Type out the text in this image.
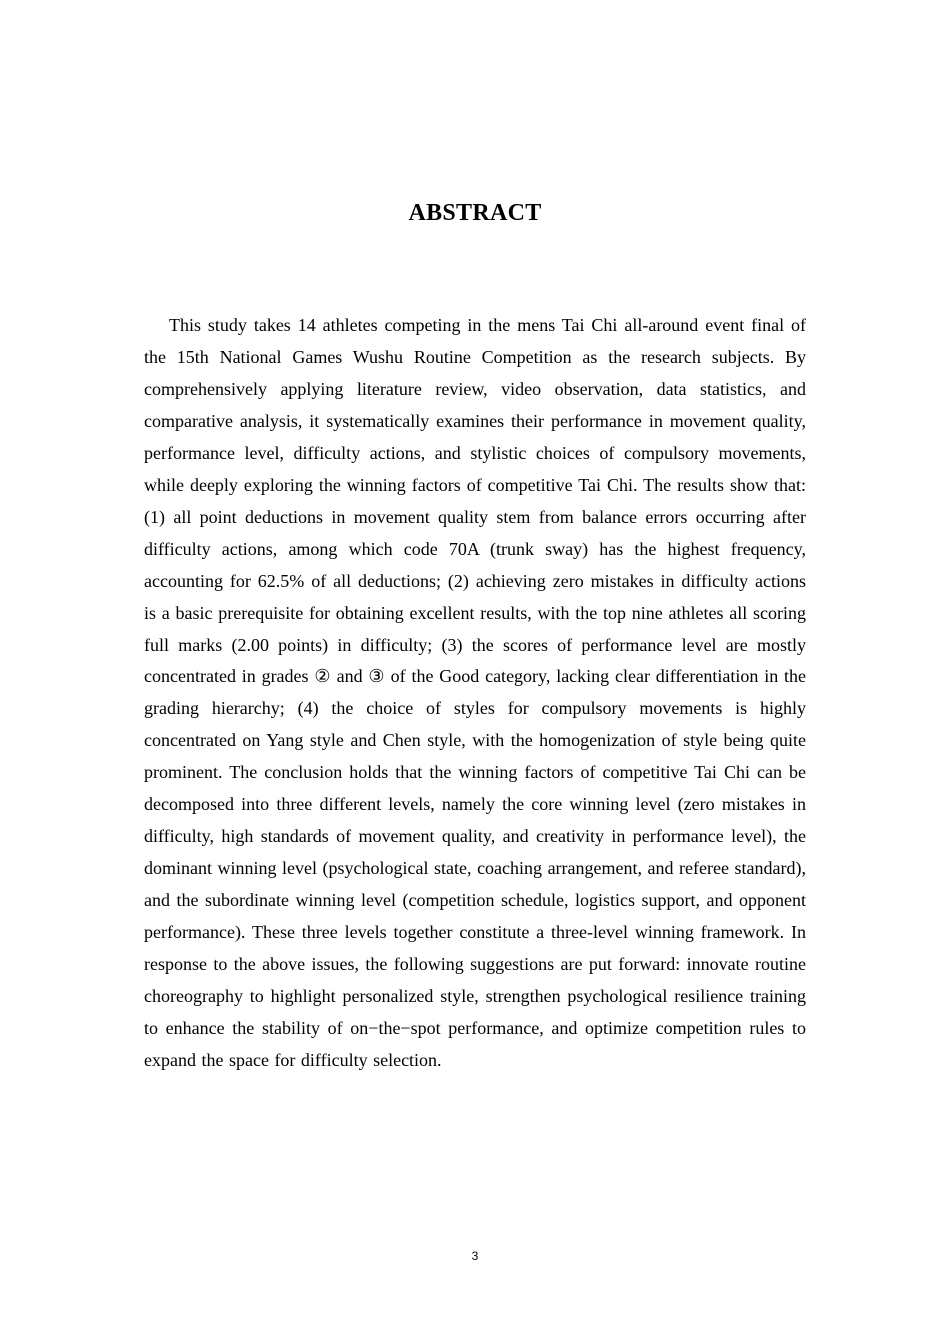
ABSTRACT

This study takes 14 athletes competing in the mens Tai Chi all-around event final of the 15th National Games Wushu Routine Competition as the research subjects. By comprehensively applying literature review, video observation, data statistics, and comparative analysis, it systematically examines their performance in movement quality, performance level, difficulty actions, and stylistic choices of compulsory movements, while deeply exploring the winning factors of competitive Tai Chi. The results show that: (1) all point deductions in movement quality stem from balance errors occurring after difficulty actions, among which code 70A (trunk sway) has the highest frequency, accounting for 62.5% of all deductions; (2) achieving zero mistakes in difficulty actions is a basic prerequisite for obtaining excellent results, with the top nine athletes all scoring full marks (2.00 points) in difficulty; (3) the scores of performance level are mostly concentrated in grades ② and ③ of the Good category, lacking clear differentiation in the grading hierarchy; (4) the choice of styles for compulsory movements is highly concentrated on Yang style and Chen style, with the homogenization of style being quite prominent. The conclusion holds that the winning factors of competitive Tai Chi can be decomposed into three different levels, namely the core winning level (zero mistakes in difficulty, high standards of movement quality, and creativity in performance level), the dominant winning level (psychological state, coaching arrangement, and referee standard), and the subordinate winning level (competition schedule, logistics support, and opponent performance). These three levels together constitute a three-level winning framework. In response to the above issues, the following suggestions are put forward: innovate routine choreography to highlight personalized style, strengthen psychological resilience training to enhance the stability of on−the−spot performance, and optimize competition rules to expand the space for difficulty selection.

3
